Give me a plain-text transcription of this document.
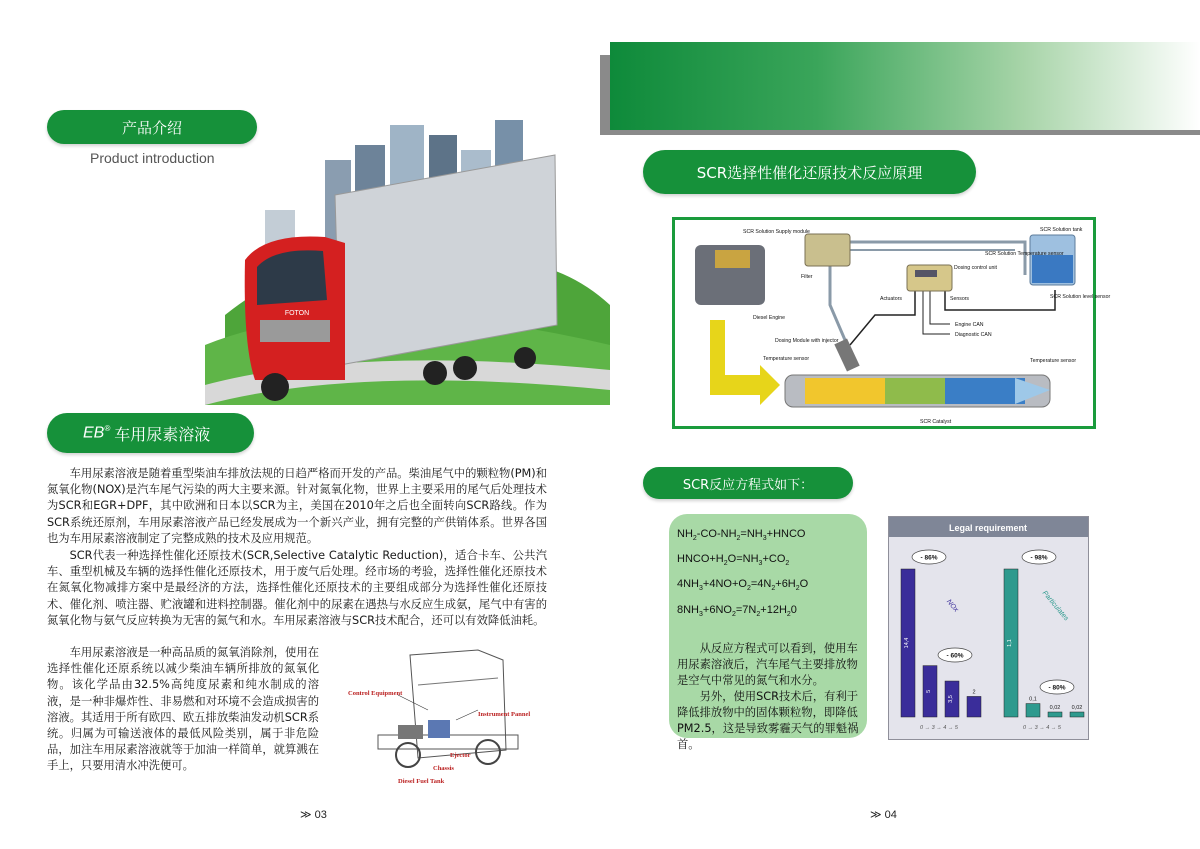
产品介绍
Product introduction
FOTON
EB® 车用尿素溶液

车用尿素溶液是随着重型柴油车排放法规的日趋严格而开发的产品。柴油尾气中的颗粒物(PM)和氮氧化物(NOX)是汽车尾气污染的两大主要来源。针对氮氧化物，世界上主要采用的尾气后处理技术为SCR和EGR+DPF，其中欧洲和日本以SCR为主，美国在2010年之后也全面转向SCR路线。作为SCR系统还原剂，车用尿素溶液产品已经发展成为一个新兴产业，拥有完整的产供销体系。世界各国也为车用尿素溶液制定了完整成熟的技术及应用规范。

SCR代表一种选择性催化还原技术(SCR,Selective Catalytic Reduction)，适合卡车、公共汽车、重型机械及车辆的选择性催化还原技术，用于废气后处理。经市场的考验，选择性催化还原技术在氮氧化物减排方案中是最经济的方法，选择性催化还原技术的主要组成部分为选择性催化还原技术、催化剂、喷注器、贮液罐和进料控制器。催化剂中的尿素在遇热与水反应生成氨，尾气中有害的氮氧化物与氨气反应转换为无害的氮气和水。车用尿素溶液与SCR技术配合，还可以有效降低油耗。

车用尿素溶液是一种高品质的氮氧消除剂，使用在选择性催化还原系统以减少柴油车辆所排放的氮氧化物。该化学品由32.5%高纯度尿素和纯水制成的溶液，是一种非爆炸性、非易燃和对环境不会造成损害的溶液。其适用于所有欧四、欧五排放柴油发动机SCR系统。归属为可输送液体的最低风险类别，属于非危险品，加注车用尿素溶液就等于加油一样简单，就算溅在手上，只要用清水冲洗便可。

Control Equipment
Instrument Pannel
Ejector
Chassis
Diesel Fuel Tank
≫ 03
SCR选择性催化还原技术反应原理
SCR Solution Supply module
Filter
Diesel Engine
Dosing control unit
SCR Solution tank
SCR Solution Temperature sensor
SCR Solution level sensor
Actuators	Sensors
Engine CAN
Diagnostic CAN
Dosing Module with injector
Temperature sensor	Temperature sensor
SCR Catalyst
SCR反应方程式如下：
$NH_2-CO-NH_2=NH_3+HNCO$
$HNCO+H_2O=NH_3+CO_2$
$4NH_3+4NO+O_2=4N_2+6H_2O$
$8NH_3+6NO_2=7N_2+12H_20$

从反应方程式可以看到，使用车用尿素溶液后，汽车尾气主要排放物是空气中常见的氮气和水分。

另外，使用SCR技术后，有利于降低排放物中的固体颗粒物，即降低PM2.5，这是导致雾霾天气的罪魁祸首。

Legal requirement
14,4
5
3,5
2
0 → 3 → 4 → 5
NOx
1,1
0,1
0,02 0,02
0 → 3 → 4 → 5
Particulates
- 86%
- 60%
- 98%
- 80%
≫ 04
